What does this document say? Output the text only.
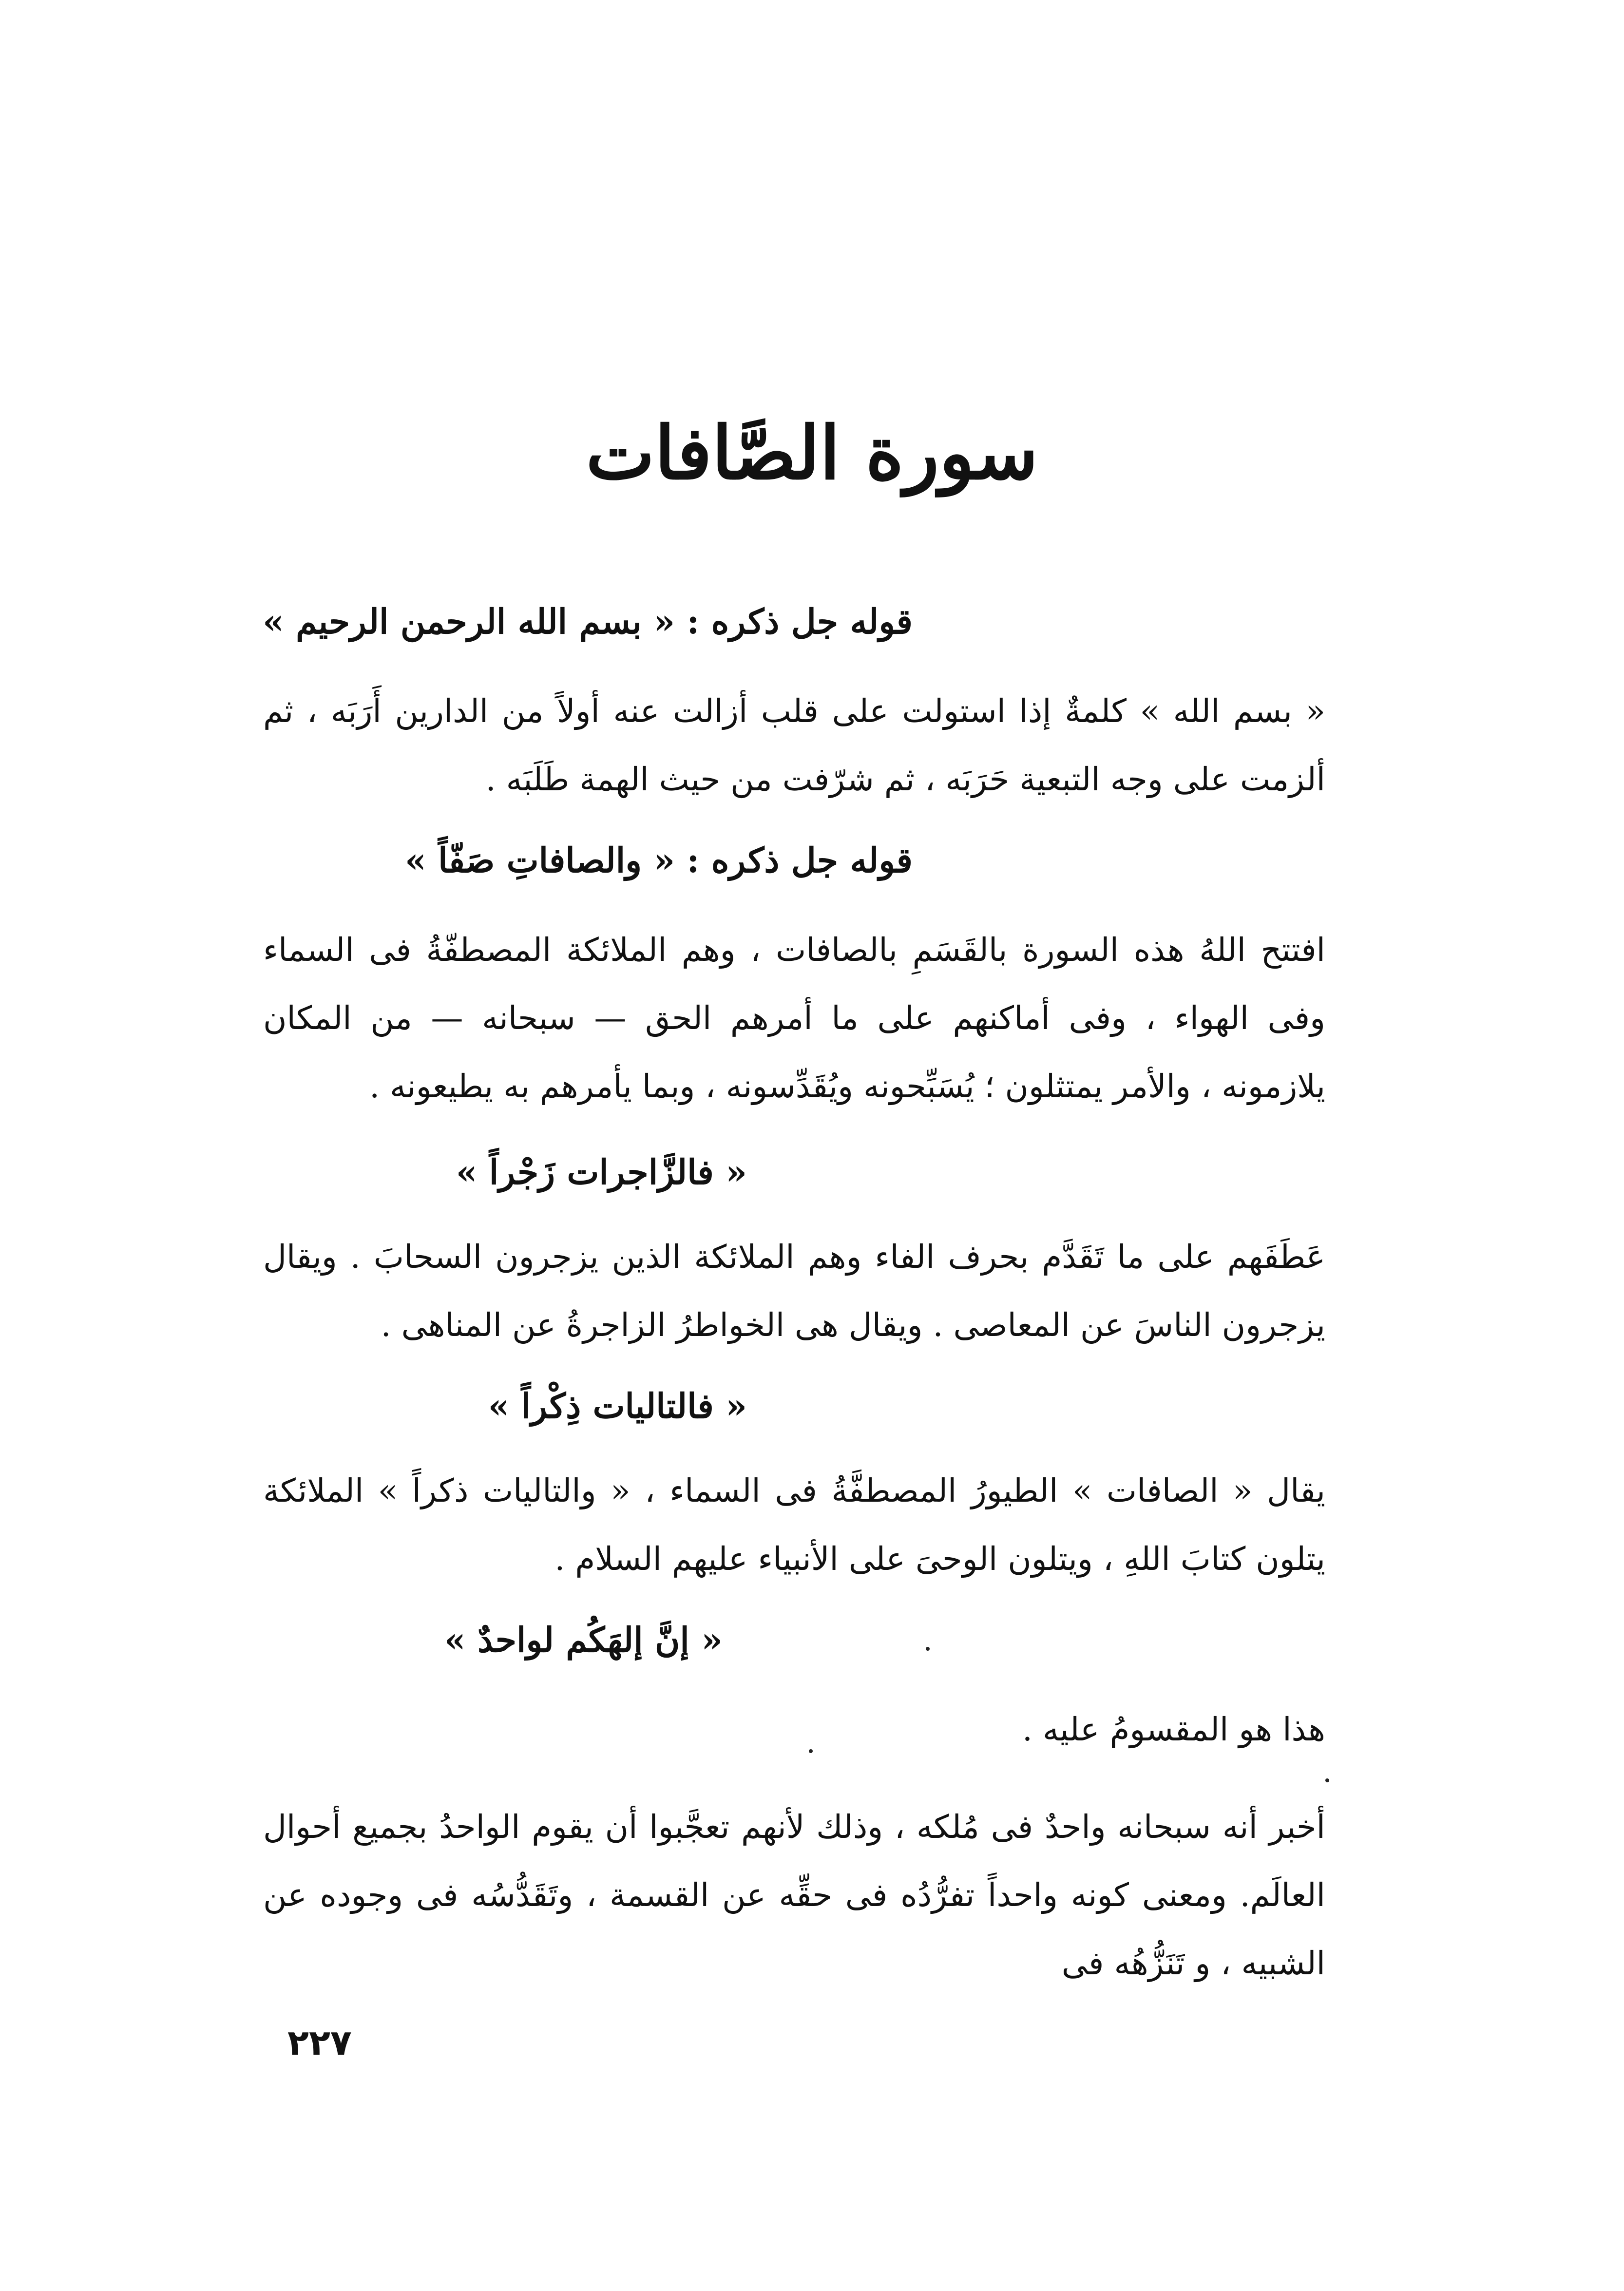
سورة الصَّافات
قوله جل ذكره : « بسم الله الرحمن الرحيم »
« بسم الله » كلمةٌ إذا استولت على قلب أزالت عنه أولاً من الدارين أَرَبَه ، ثم ألزمت على وجه التبعية حَرَبَه ، ثم شرّفت من حيث الهمة طَلَبَه .
قوله جل ذكره : « والصافاتِ صَفّاً »
افتتح اللهُ هذه السورة بالقَسَمِ بالصافات ، وهم الملائكة المصطفّةُ فى السماء وفى الهواء ، وفى أماكنهم على ما أمرهم الحق — سبحانه — من المكان يلازمونه ، والأمر يمتثلون ؛ يُسَبِّحونه ويُقَدِّسونه ، وبما يأمرهم به يطيعونه .
« فالزَّاجرات زَجْراً »
عَطَفَهم على ما تَقَدَّم بحرف الفاء وهم الملائكة الذين يزجرون السحابَ . ويقال يزجرون الناسَ عن المعاصى . ويقال هى الخواطرُ الزاجرةُ عن المناهى .
« فالتاليات ذِكْراً »
يقال « الصافات » الطيورُ المصطفَّةُ فى السماء ، « والتاليات ذكراً » الملائكة يتلون كتابَ اللهِ ، ويتلون الوحىَ على الأنبياء عليهم السلام .
« إنَّ إلهَكُم لواحدٌ »
هذا هو المقسومُ عليه .
أخبر أنه سبحانه واحدٌ فى مُلكه ، وذلك لأنهم تعجَّبوا أن يقوم الواحدُ بجميع أحوال العالَم. ومعنى كونه واحداً تفرُّدُه فى حقِّه عن القسمة ، وتَقَدُّسُه فى وجوده عن الشبيه ، و تَنَزُّهُه فى
٢٢٧
